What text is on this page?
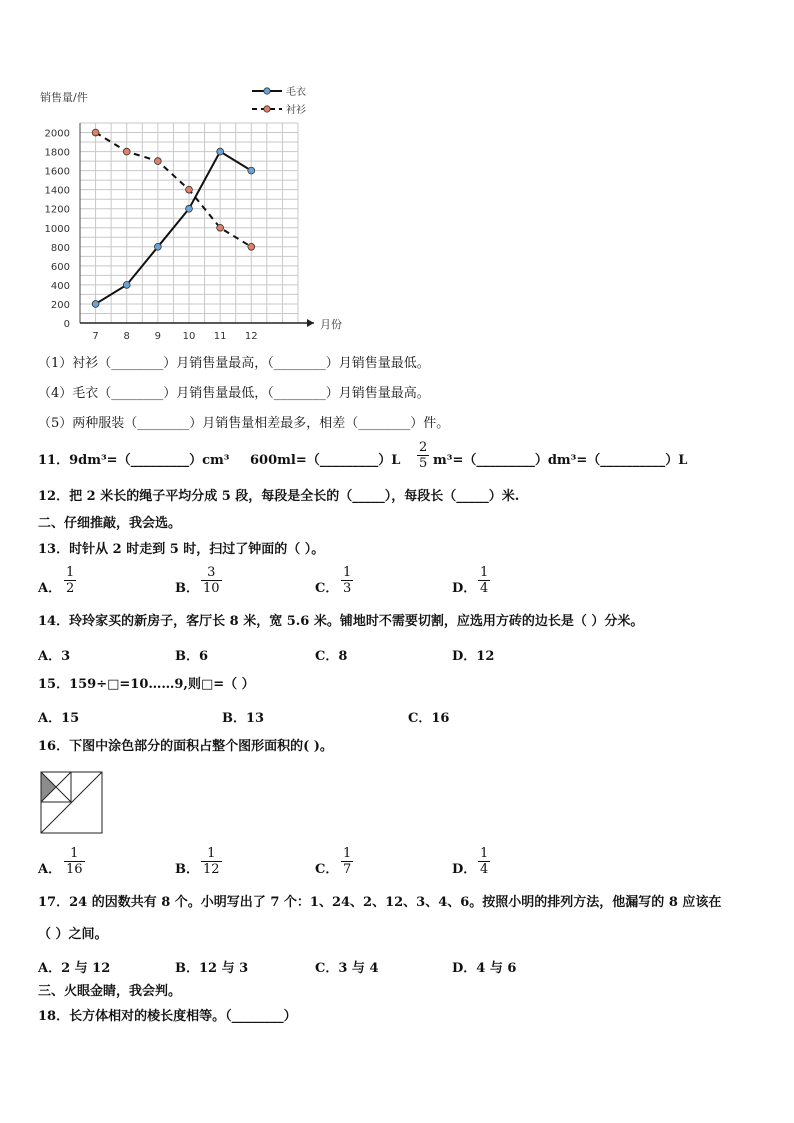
0
200
400
600
800
1000
1200
1400
1600
1800
2000
7 8 9 10 11 12
销售量/件
月份
毛衣
衬衫
（1）衬衫（________）月销售量最高，（________）月销售量最低。
（4）毛衣（________）月销售量最低，（________）月销售量最高。
（5）两种服装（________）月销售量相差最多，相差（________）件。
11．9dm³=（_________）cm³ 600ml=（_________）L $\frac{2}{5}$ m³=（_________）dm³=（__________）L
12．把 2 米长的绳子平均分成 5 段，每段是全长的（_____），每段长（_____）米.
二、仔细推敲，我会选。
13．时针从 2 时走到 5 时，扫过了钟面的（ ）。
A． $\frac{1}{2}$	B． $\frac{3}{10}$	C． $\frac{1}{3}$	D． $\frac{1}{4}$
14．玲玲家买的新房子，客厅长 8 米，宽 5.6 米。铺地时不需要切割，应选用方砖的边长是（ ）分米。
A．3	B．6	C．8	D．12
15．159÷□=10……9,则□=（ ）
A．15	B．13	C．16
16．下图中涂色部分的面积占整个图形面积的( )。
A． $\frac{1}{16}$	B． $\frac{1}{12}$	C． $\frac{1}{7}$	D． $\frac{1}{4}$
17．24 的因数共有 8 个。小明写出了 7 个：1、24、2、12、3、4、6。按照小明的排列方法，他漏写的 8 应该在
（ ）之间。
A．2 与 12	B．12 与 3	C．3 与 4	D．4 与 6
三、火眼金睛，我会判。
18．长方体相对的棱长度相等。（________）
